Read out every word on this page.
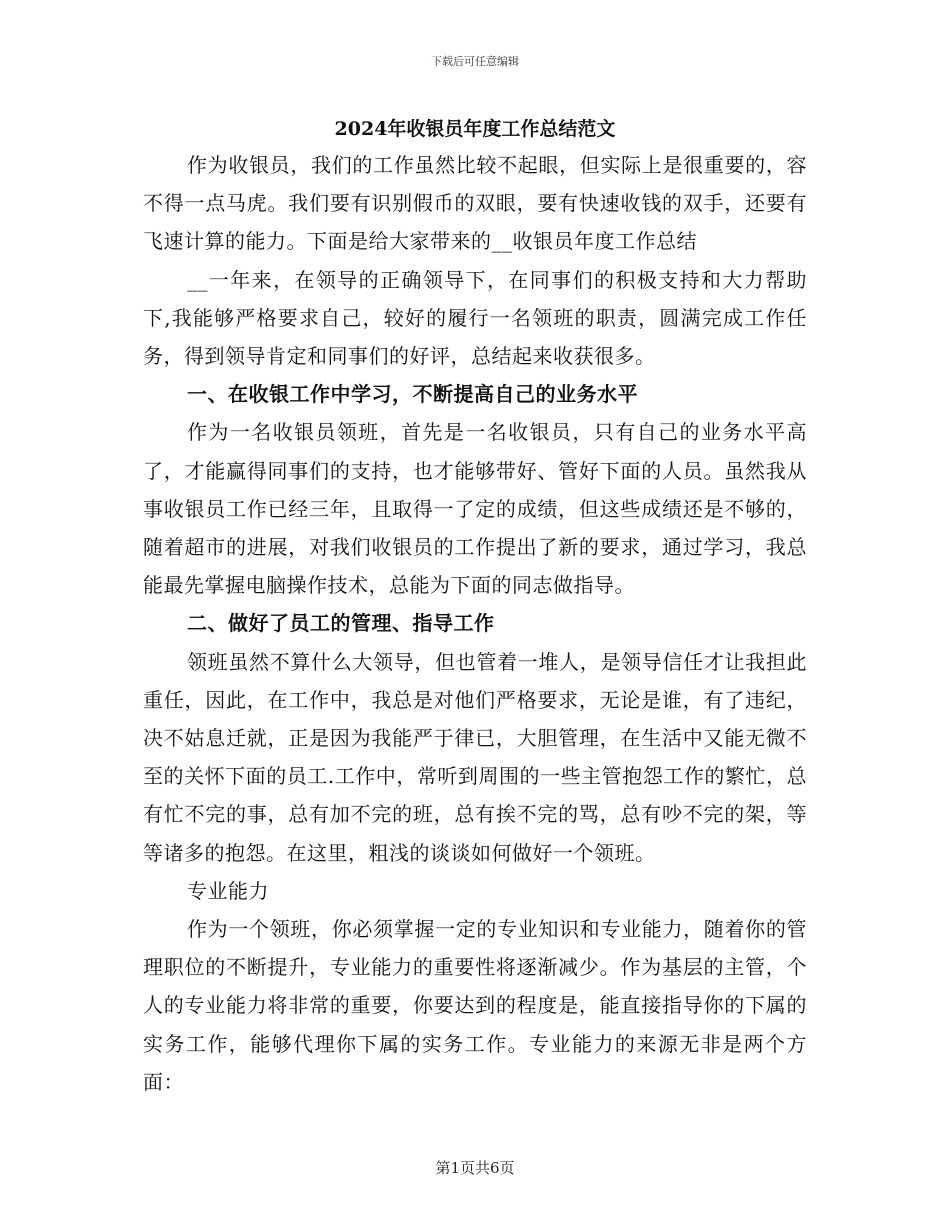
下载后可任意编辑
2024年收银员年度工作总结范文

作为收银员，我们的工作虽然比较不起眼，但实际上是很重要的，容不得一点马虎。我们要有识别假币的双眼，要有快速收钱的双手，还要有飞速计算的能力。下面是给大家带来的__收银员年度工作总结

__一年来，在领导的正确领导下，在同事们的积极支持和大力帮助下,我能够严格要求自己，较好的履行一名领班的职责，圆满完成工作任务，得到领导肯定和同事们的好评，总结起来收获很多。

一、在收银工作中学习，不断提高自己的业务水平

作为一名收银员领班，首先是一名收银员，只有自己的业务水平高了，才能赢得同事们的支持，也才能够带好、管好下面的人员。虽然我从事收银员工作已经三年，且取得一了定的成绩，但这些成绩还是不够的，随着超市的进展，对我们收银员的工作提出了新的要求，通过学习，我总能最先掌握电脑操作技术，总能为下面的同志做指导。

二、做好了员工的管理、指导工作

领班虽然不算什么大领导，但也管着一堆人，是领导信任才让我担此重任，因此，在工作中，我总是对他们严格要求，无论是谁，有了违纪，决不姑息迁就，正是因为我能严于律已，大胆管理，在生活中又能无微不至的关怀下面的员工.工作中，常听到周围的一些主管抱怨工作的繁忙，总有忙不完的事，总有加不完的班，总有挨不完的骂，总有吵不完的架，等等诸多的抱怨。在这里，粗浅的谈谈如何做好一个领班。

专业能力

作为一个领班，你必须掌握一定的专业知识和专业能力，随着你的管理职位的不断提升，专业能力的重要性将逐渐减少。作为基层的主管，个人的专业能力将非常的重要，你要达到的程度是，能直接指导你的下属的实务工作，能够代理你下属的实务工作。专业能力的来源无非是两个方面：

第1页共6页
